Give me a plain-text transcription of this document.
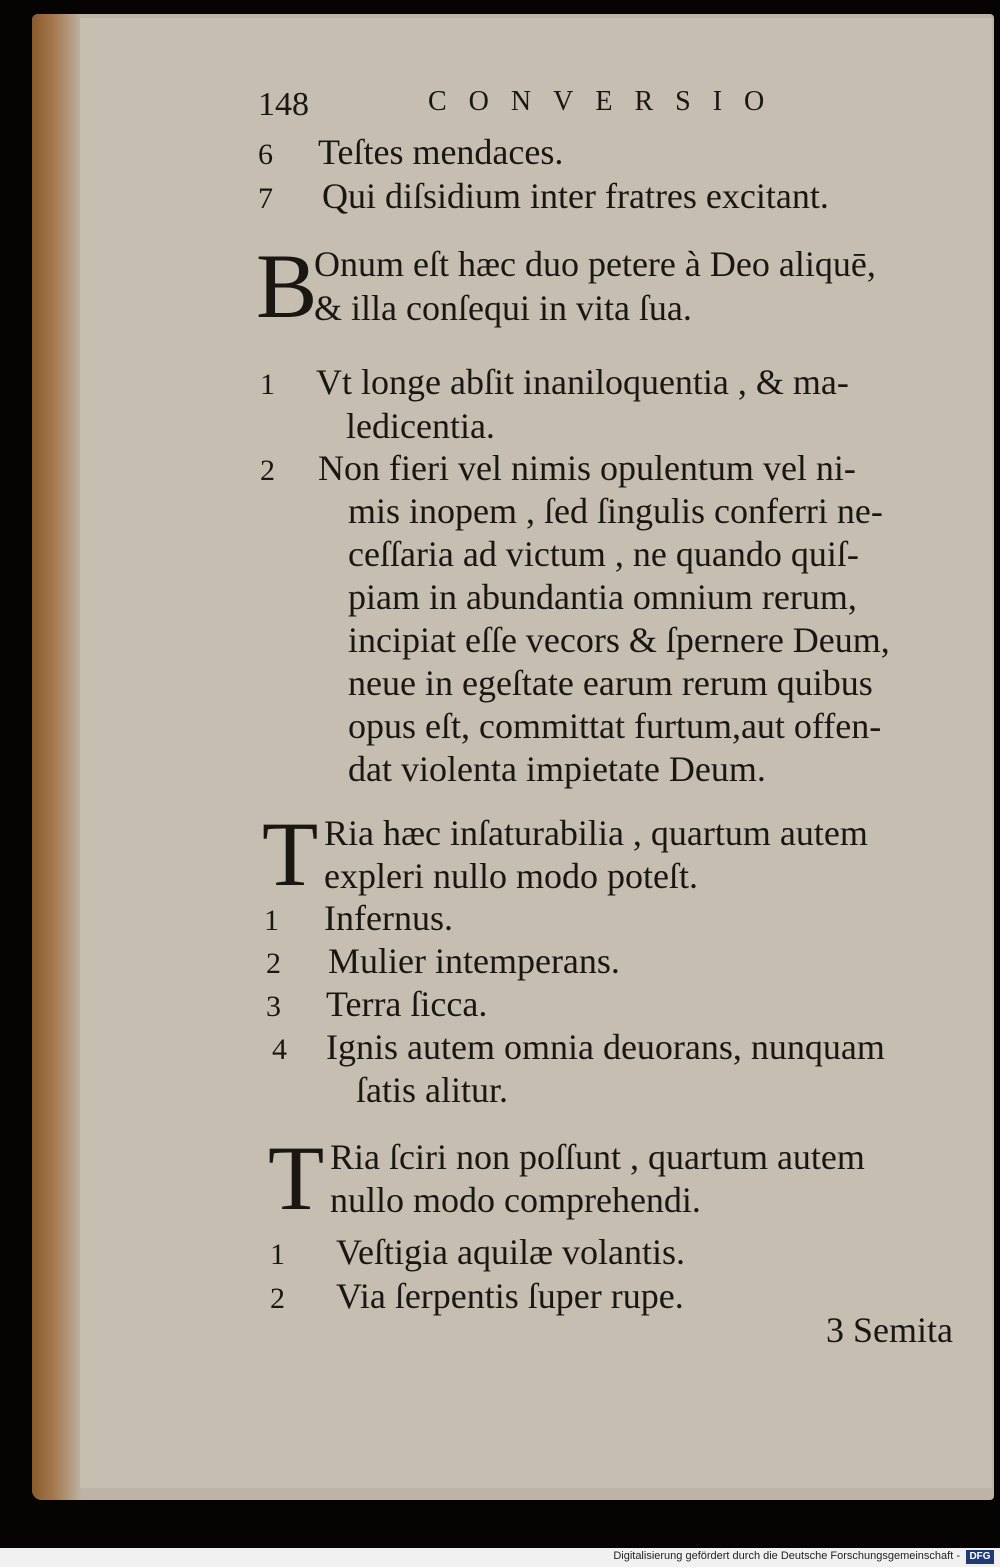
148	CONVERSIO
6 Teſtes mendaces.
7 Qui diſsidium inter fratres excitant.
B
Onum eſt hæc duo petere à Deo aliquē,
& illa conſequi in vita ſua.
1 Vt longe abſit inaniloquentia , & ma-
ledicentia.
2 Non fieri vel nimis opulentum vel ni-
mis inopem , ſed ſingulis conferri ne-
ceſſaria ad victum , ne quando quiſ-
piam in abundantia omnium rerum,
incipiat eſſe vecors & ſpernere Deum,
neue in egeſtate earum rerum quibus
opus eſt, committat furtum,aut offen-
dat violenta impietate Deum.
T Ria hæc inſaturabilia , quartum autem
expleri nullo modo poteſt.
1 Infernus.
2 Mulier intemperans.
3 Terra ſicca.
4 Ignis autem omnia deuorans, nunquam
ſatis alitur.
T Ria ſciri non poſſunt , quartum autem
nullo modo comprehendi.
1 Veſtigia aquilæ volantis.
2 Via ſerpentis ſuper rupe.
3 Semita
Digitalisierung gefördert durch die Deutsche Forschungsgemeinschaft - DFG
